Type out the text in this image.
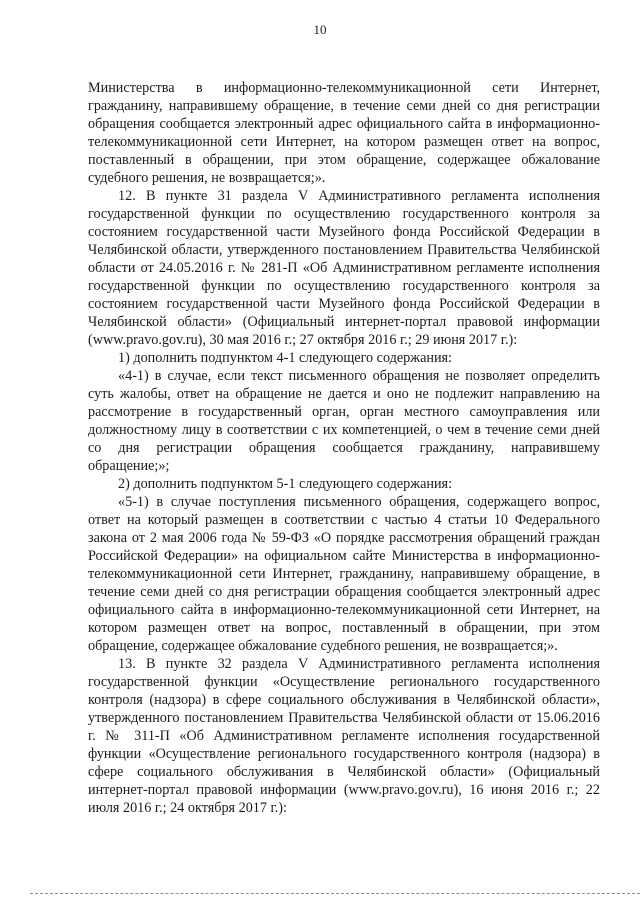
10

Министерства в информационно-телекоммуникационной сети Интернет, гражданину, направившему обращение, в течение семи дней со дня регистрации обращения сообщается электронный адрес официального сайта в информационно-телекоммуникационной сети Интернет, на котором размещен ответ на вопрос, поставленный в обращении, при этом обращение, содержащее обжалование судебного решения, не возвращается;».

12. В пункте 31 раздела V Административного регламента исполнения государственной функции по осуществлению государственного контроля за состоянием государственной части Музейного фонда Российской Федерации в Челябинской области, утвержденного постановлением Правительства Челябинской области от 24.05.2016 г. № 281-П «Об Административном регламенте исполнения государственной функции по осуществлению государственного контроля за состоянием государственной части Музейного фонда Российской Федерации в Челябинской области» (Официальный интернет-портал правовой информации (www.pravo.gov.ru), 30 мая 2016 г.; 27 октября 2016 г.; 29 июня 2017 г.):

1) дополнить подпунктом 4-1 следующего содержания:

«4-1) в случае, если текст письменного обращения не позволяет определить суть жалобы, ответ на обращение не дается и оно не подлежит направлению на рассмотрение в государственный орган, орган местного самоуправления или должностному лицу в соответствии с их компетенцией, о чем в течение семи дней со дня регистрации обращения сообщается гражданину, направившему обращение;»;

2) дополнить подпунктом 5-1 следующего содержания:

«5-1) в случае поступления письменного обращения, содержащего вопрос, ответ на который размещен в соответствии с частью 4 статьи 10 Федерального закона от 2 мая 2006 года № 59-ФЗ «О порядке рассмотрения обращений граждан Российской Федерации» на официальном сайте Министерства в информационно-телекоммуникационной сети Интернет, гражданину, направившему обращение, в течение семи дней со дня регистрации обращения сообщается электронный адрес официального сайта в информационно-телекоммуникационной сети Интернет, на котором размещен ответ на вопрос, поставленный в обращении, при этом обращение, содержащее обжалование судебного решения, не возвращается;».

13. В пункте 32 раздела V Административного регламента исполнения государственной функции «Осуществление регионального государственного контроля (надзора) в сфере социального обслуживания в Челябинской области», утвержденного постановлением Правительства Челябинской области от 15.06.2016 г. № 311-П «Об Административном регламенте исполнения государственной функции «Осуществление регионального государственного контроля (надзора) в сфере социального обслуживания в Челябинской области» (Официальный интернет-портал правовой информации (www.pravo.gov.ru), 16 июня 2016 г.; 22 июля 2016 г.; 24 октября 2017 г.):
